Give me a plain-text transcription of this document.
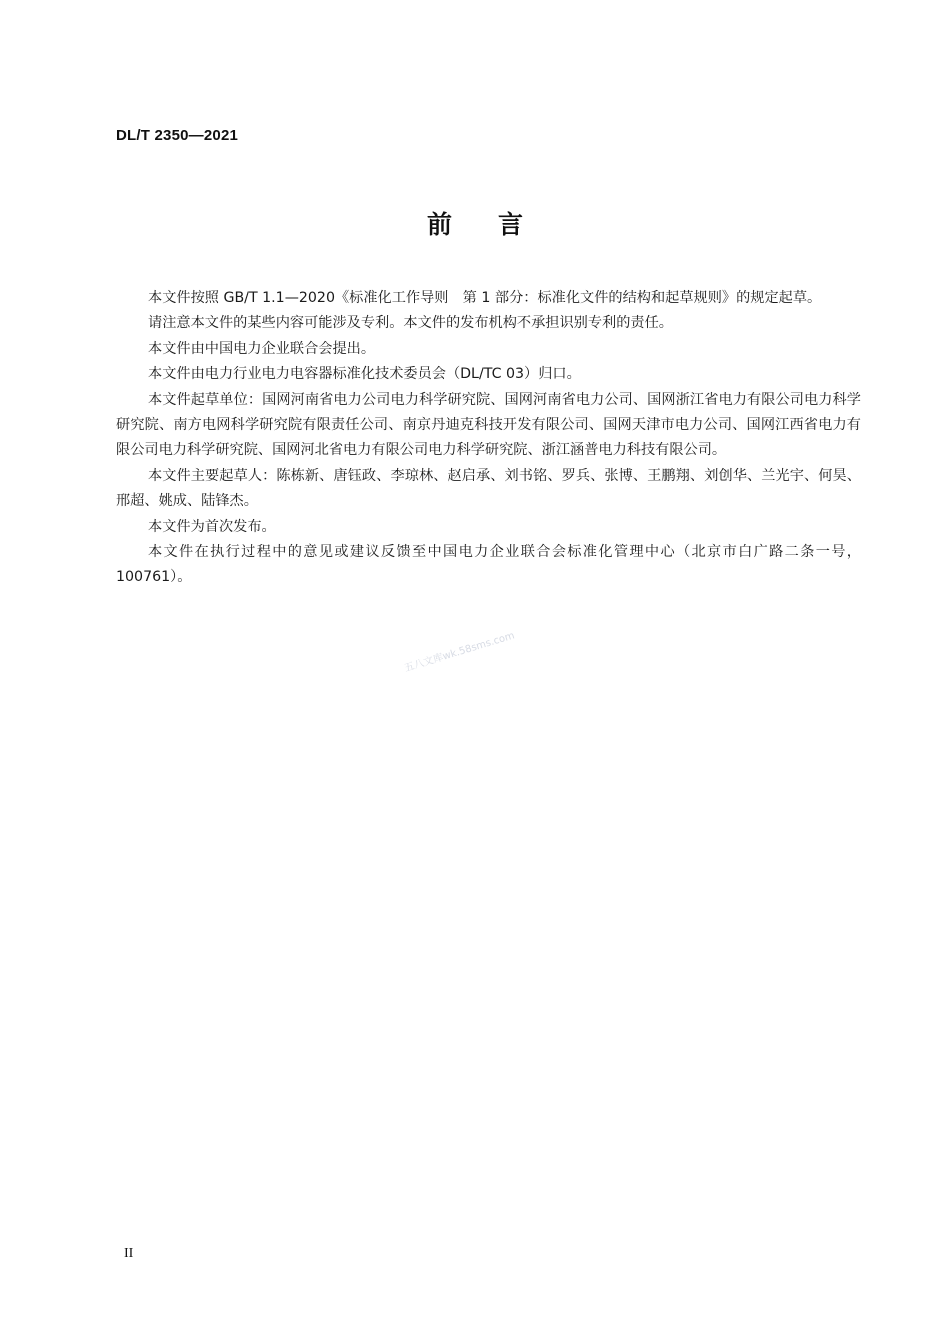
DL/T 2350—2021
前言

本文件按照 GB/T 1.1—2020《标准化工作导则　第 1 部分：标准化文件的结构和起草规则》的规定起草。

请注意本文件的某些内容可能涉及专利。本文件的发布机构不承担识别专利的责任。

本文件由中国电力企业联合会提出。

本文件由电力行业电力电容器标准化技术委员会（DL/TC 03）归口。

本文件起草单位：国网河南省电力公司电力科学研究院、国网河南省电力公司、国网浙江省电力有限公司电力科学研究院、南方电网科学研究院有限责任公司、南京丹迪克科技开发有限公司、国网天津市电力公司、国网江西省电力有限公司电力科学研究院、国网河北省电力有限公司电力科学研究院、浙江涵普电力科技有限公司。

本文件主要起草人：陈栋新、唐钰政、李琼林、赵启承、刘书铭、罗兵、张博、王鹏翔、刘创华、兰光宇、何昊、邢超、姚成、陆锋杰。

本文件为首次发布。

本文件在执行过程中的意见或建议反馈至中国电力企业联合会标准化管理中心（北京市白广路二条一号，100761）。

五八文库wk.58sms.com
II
